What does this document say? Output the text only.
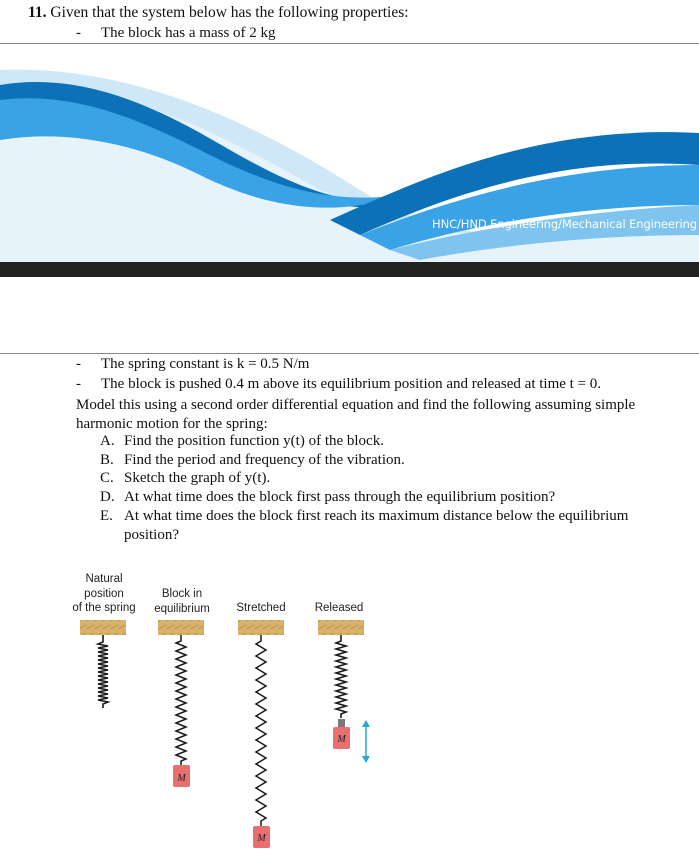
11. Given that the system below has the following properties:
- The block has a mass of 2 kg
HNC/HND Engineering/Mechanical Engineering
- The spring constant is k = 0.5 N/m
- The block is pushed 0.4 m above its equilibrium position and released at time t = 0.
Model this using a second order differential equation and find the following assuming simple
harmonic motion for the spring:
A. Find the position function y(t) of the block.
B. Find the period and frequency of the vibration.
C. Sketch the graph of y(t).
D. At what time does the block first pass through the equilibrium position?
E. At what time does the block first reach its maximum distance below the equilibrium
position?
Natural
position
of the spring
Block in
equilibrium	Stretched	Released
M
M
M
